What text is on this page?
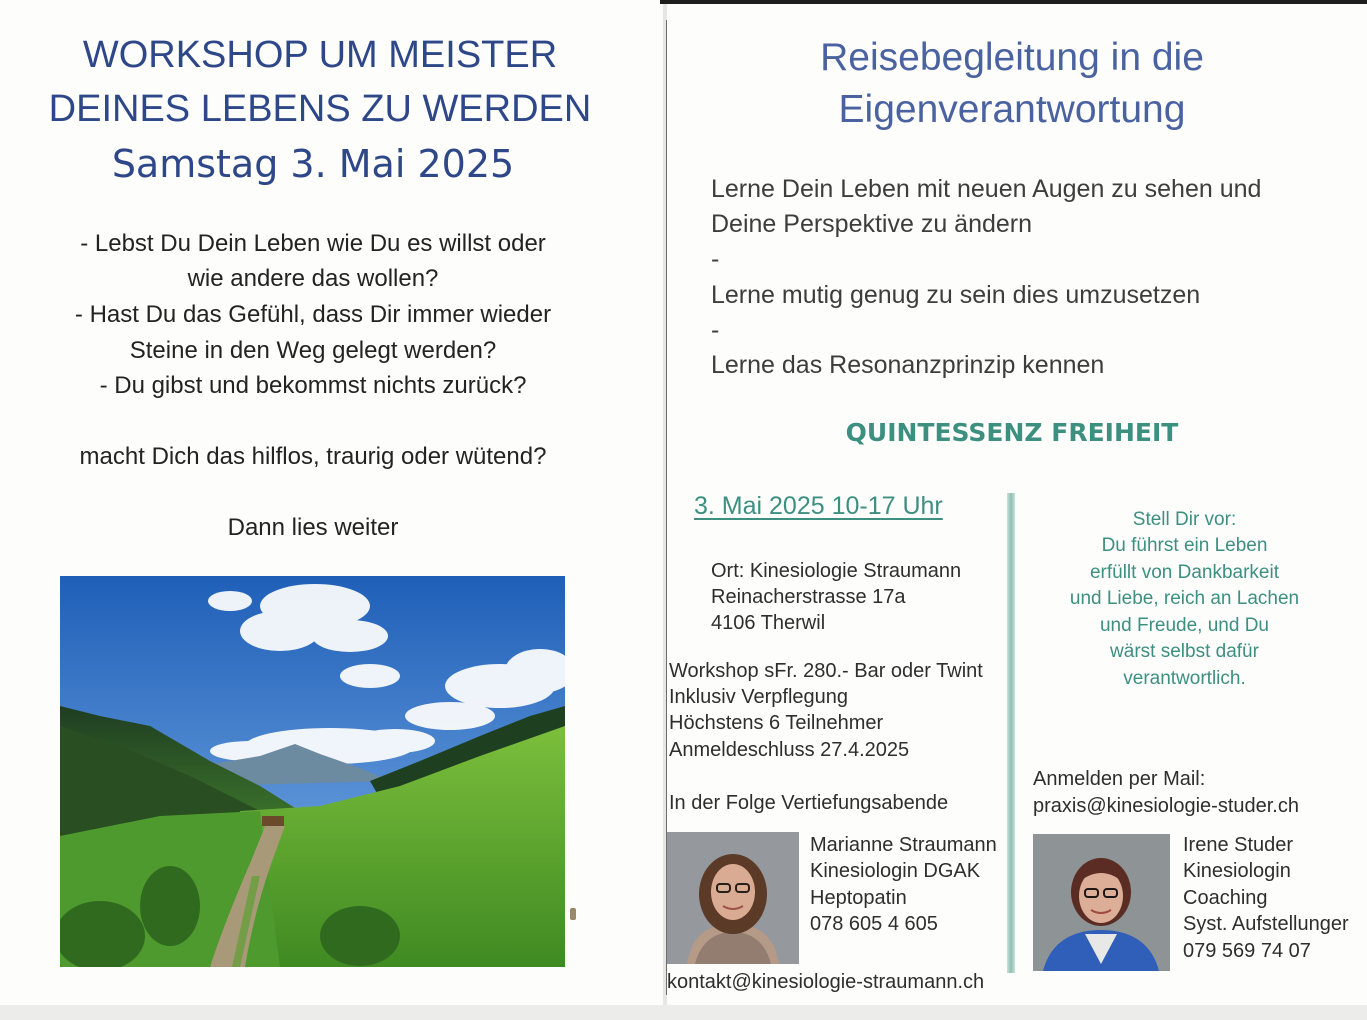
WORKSHOP UM MEISTER
DEINES LEBENS ZU WERDEN
Samstag 3. Mai 2025
- Lebst Du Dein Leben wie Du es willst oder
wie andere das wollen?
- Hast Du das Gefühl, dass Dir immer wieder
Steine in den Weg gelegt werden?
- Du gibst und bekommst nichts zurück?
macht Dich das hilflos, traurig oder wütend?
Dann lies weiter
Reisebegleitung in die
Eigenverantwortung
Lerne Dein Leben mit neuen Augen zu sehen und
Deine Perspektive zu ändern
-
Lerne mutig genug zu sein dies umzusetzen
-
Lerne das Resonanzprinzip kennen
QUINTESSENZ FREIHEIT
3. Mai 2025 10-17 Uhr
Ort: Kinesiologie Straumann
Reinacherstrasse 17a
4106 Therwil
Workshop sFr. 280.- Bar oder Twint
Inklusiv Verpflegung
Höchstens 6 Teilnehmer
Anmeldeschluss 27.4.2025
In der Folge Vertiefungsabende
Stell Dir vor:
Du führst ein Leben
erfüllt von Dankbarkeit
und Liebe, reich an Lachen
und Freude, und Du
wärst selbst dafür
verantwortlich.
Anmelden per Mail:
praxis@kinesiologie-studer.ch
Marianne Straumann
Kinesiologin DGAK
Heptopatin
078 605 4 605
kontakt@kinesiologie-straumann.ch
Irene Studer
Kinesiologin
Coaching
Syst. Aufstellunger
079 569 74 07
